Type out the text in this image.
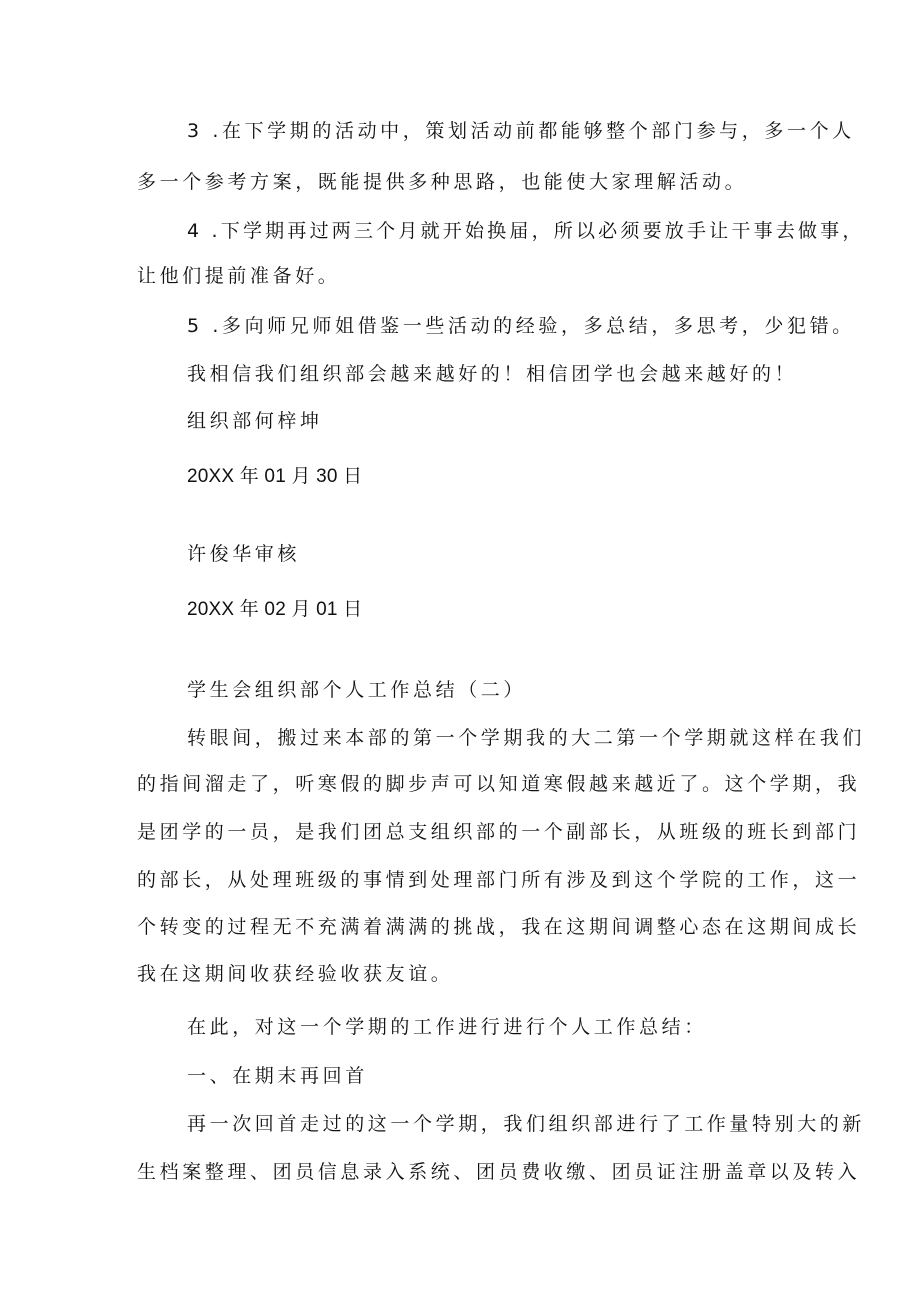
3 .在下学期的活动中，策划活动前都能够整个部门参与，多一个人
多一个参考方案，既能提供多种思路，也能使大家理解活动。
4 .下学期再过两三个月就开始换届，所以必须要放手让干事去做事，
让他们提前准备好。
5 .多向师兄师姐借鉴一些活动的经验，多总结，多思考，少犯错。
我相信我们组织部会越来越好的！相信团学也会越来越好的！
组织部何梓坤
20XX 年 01 月 30 日
许俊华审核
20XX 年 02 月 01 日
学生会组织部个人工作总结（二）
转眼间，搬过来本部的第一个学期我的大二第一个学期就这样在我们
的指间溜走了，听寒假的脚步声可以知道寒假越来越近了。这个学期，我
是团学的一员，是我们团总支组织部的一个副部长，从班级的班长到部门
的部长，从处理班级的事情到处理部门所有涉及到这个学院的工作，这一
个转变的过程无不充满着满满的挑战，我在这期间调整心态在这期间成长
我在这期间收获经验收获友谊。
在此，对这一个学期的工作进行进行个人工作总结：
一、在期末再回首
再一次回首走过的这一个学期，我们组织部进行了工作量特别大的新
生档案整理、团员信息录入系统、团员费收缴、团员证注册盖章以及转入
